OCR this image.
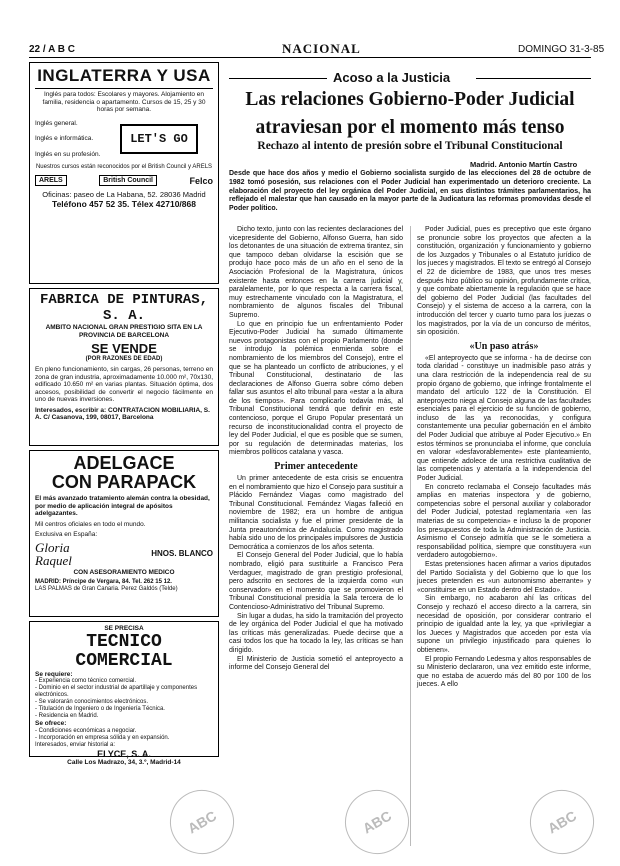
22 / A B C	NACIONAL	DOMINGO 31-3-85
INGLATERRA Y USA
Inglés para todos: Escolares y mayores. Alojamiento en familia, residencia o apartamento. Cursos de 15, 25 y 30 horas por semana.
Inglés general.
Inglés e informática.
Inglés en su profesión.
LET'S GO
Nuestros cursos están reconocidos por el British Council y ARELS
ARELS	British Council	Felco
Oficinas: paseo de La Habana, 52. 28036 Madrid
Teléfono 457 52 35. Télex 42710/868
FABRICA DE PINTURAS, S. A.
AMBITO NACIONAL GRAN PRESTIGIO SITA EN LA PROVINCIA DE BARCELONA
SE VENDE
(POR RAZONES DE EDAD)
En pleno funcionamiento, sin cargas, 26 personas, terreno en zona de gran industria, aproximadamente 10.000 m², 70x130, edificado 10.650 m² en varias plantas. Situación óptima, dos accesos, posibilidad de convertir el negocio fácilmente en uno de nuevas inversiones.
Interesados, escribir a: CONTRATACION MOBILIARIA, S. A. C/ Casanova, 199, 08017, Barcelona
ADELGACE
CON PARAPACK
El más avanzado tratamiento alemán contra la obesidad, por medio de aplicación integral de apósitos adelgazantes.
Mil centros oficiales en todo el mundo.
Exclusiva en España:
Gloria Raquel	HNOS. BLANCO
CON ASESORAMIENTO MEDICO
MADRID: Príncipe de Vergara, 84. Tel. 262 15 12.
LAS PALMAS de Gran Canaria. Perez Galdós (Telde)
SE PRECISA
TECNICO COMERCIAL
Se requiere:
- Experiencia como técnico comercial.
- Dominio en el sector industrial de apartillaje y componentes electrónicos.
- Se valorarán conocimientos electrónicos.
- Titulación de Ingeniero o de Ingeniería Técnica.
- Residencia en Madrid.
Se ofrece:
- Condiciones económicas a negociar.
- Incorporación en empresa sólida y en expansión.
Interesados, enviar historial a:
ELYCE, S. A.
Calle Los Madrazo, 34, 3.º, Madrid-14
Acoso a la Justicia
Las relaciones Gobierno-Poder Judicial atraviesan por el momento más tenso
Rechazo al intento de presión sobre el Tribunal Constitucional
Madrid. Antonio Martín Castro
Desde que hace dos años y medio el Gobierno socialista surgido de las elecciones del 28 de octubre de 1982 tomó posesión, sus relaciones con el Poder Judicial han experimentado un deterioro creciente. La elaboración del proyecto del ley orgánica del Poder Judicial, en sus distintos trámites parlamentarios, ha reflejado el malestar que han causado en la mayor parte de la Judicatura las reformas promovidas desde el Poder político.

Dicho texto, junto con las recientes declaraciones del vicepresidente del Gobierno, Alfonso Guerra, han sido los detonantes de una situación de extrema tirantez, sin que tampoco deban olvidarse la escisión que se produjo hace poco más de un año en el seno de la Asociación Profesional de la Magistratura, únicos existente hasta entonces en la carrera judicial y, paralelamente, por lo que respecta a la carrera fiscal, muy estrechamente vinculado con la Magistratura, el nombramiento de algunos fiscales del Tribunal Supremo.

Lo que en principio fue un enfrentamiento Poder Ejecutivo-Poder Judicial ha sumado últimamente nuevos protagonistas con el propio Parlamento (donde se introdujo la polémica enmienda sobre el nombramiento de los miembros del Consejo), entre el que se ha planteado un conflicto de atribuciones, y el Tribunal Constitucional, destinatario de las declaraciones de Alfonso Guerra sobre cómo deben fallar sus asuntos el alto tribunal para «estar a la altura de los tiempos». Para complicarlo todavía más, al Tribunal Constitucional tendrá que definir en este contencioso, porque el Grupo Popular presentará un recurso de inconstitucionalidad contra el proyecto de ley del Poder Judicial, el que es posible que se sumen, por su regulación de determinadas materias, los miembros políticos catalana y vasca.

Primer antecedente

Un primer antecedente de esta crisis se encuentra en el nombramiento que hizo el Consejo para sustituir a Plácido Fernández Viagas como magistrado del Tribunal Constitucional. Fernández Viagas falleció en noviembre de 1982; era un hombre de antigua militancia socialista y fue el primer presidente de la Junta preautonómica de Andalucía. Como magistrado había sido uno de los principales impulsores de Justicia Democrática a comienzos de los años setenta.

El Consejo General del Poder Judicial, que lo había nombrado, eligió para sustituirle a Francisco Pera Verdaguer, magistrado de gran prestigio profesional, pero adscrito en sectores de la izquierda como «un conservador» en el momento que se promovieron el Tribunal Constitucional presidía la Sala tercera de lo Contencioso-Administrativo del Tribunal Supremo.

Sin lugar a dudas, ha sido la tramitación del proyecto de ley orgánica del Poder Judicial el que ha motivado las críticas más generalizadas. Puede decirse que a casi todos los que ha tocado la ley, las críticas se han dirigido.

El Ministerio de Justicia sometió el anteproyecto a informe del Consejo General del

Poder Judicial, pues es preceptivo que este órgano se pronuncie sobre los proyectos que afecten a la constitución, organización y funcionamiento y gobierno de los Juzgados y Tribunales o al Estatuto jurídico de los jueces y magistrados. El texto se entregó al Consejo el 22 de diciembre de 1983, que unos tres meses después hizo público su opinión, profundamente crítica, y que combate abiertamente la regulación que se hace del gobierno del Poder Judicial (las facultades del Consejo) y el sistema de acceso a la carrera, con la introducción del tercer y cuarto turno para los juezas o los magistrados, por la vía de un concurso de méritos, sin oposición.

«Un paso atrás»

«El anteproyecto que se informa - ha de decirse con toda claridad - constituye un inadmisible paso atrás y una clara restricción de la independencia real de su propio órgano de gobierno, que infringe frontalmente el mandato del artículo 122 de la Constitución. El anteproyecto niega al Consejo alguna de las facultades esenciales para el ejercicio de su función de gobierno, incluso de las ya reconocidas, y configura constantemente una peculiar gobernación en el ámbito del Poder Judicial que atribuye al Poder Ejecutivo.» En estos términos se pronunciaba el informe, que concluía en valorar «desfavorablemente» este planteamiento, que entiende adolece de una restrictiva cualitativa de las competencias y atentaría a la independencia del Poder Judicial.

En concreto reclamaba el Consejo facultades más amplias en materias inspectora y de gobierno, competencias sobre el personal auxiliar y colaborador del Poder Judicial, potestad reglamentaria «en las materias de su competencia» e incluso la de proponer los presupuestos de toda la Administración de Justicia. Asimismo el Consejo admitía que se le sometiera a responsabilidad política, siempre que constituyera «un verdadero autogobierno».

Estas pretensiones hacen afirmar a varios diputados del Partido Socialista y del Gobierno que lo que los jueces pretenden es «un autonomismo aberrante» y «constituirse en un Estado dentro del Estado».

Sin embargo, no acabaron ahí las críticas del Consejo y rechazó el acceso directo a la carrera, sin necesidad de oposición, por considerar contrario el principio de igualdad ante la ley, ya que «privilegiar a los Jueces y Magistrados que acceden por esta vía supone un privilegio injustificado para quienes lo obtienen».

El propio Fernando Ledesma y altos responsables de su Ministerio declararon, una vez emitido este informe, que no estaba de acuerdo más del 80 por 100 de los jueces. A ello

ABC	ABC	ABC
